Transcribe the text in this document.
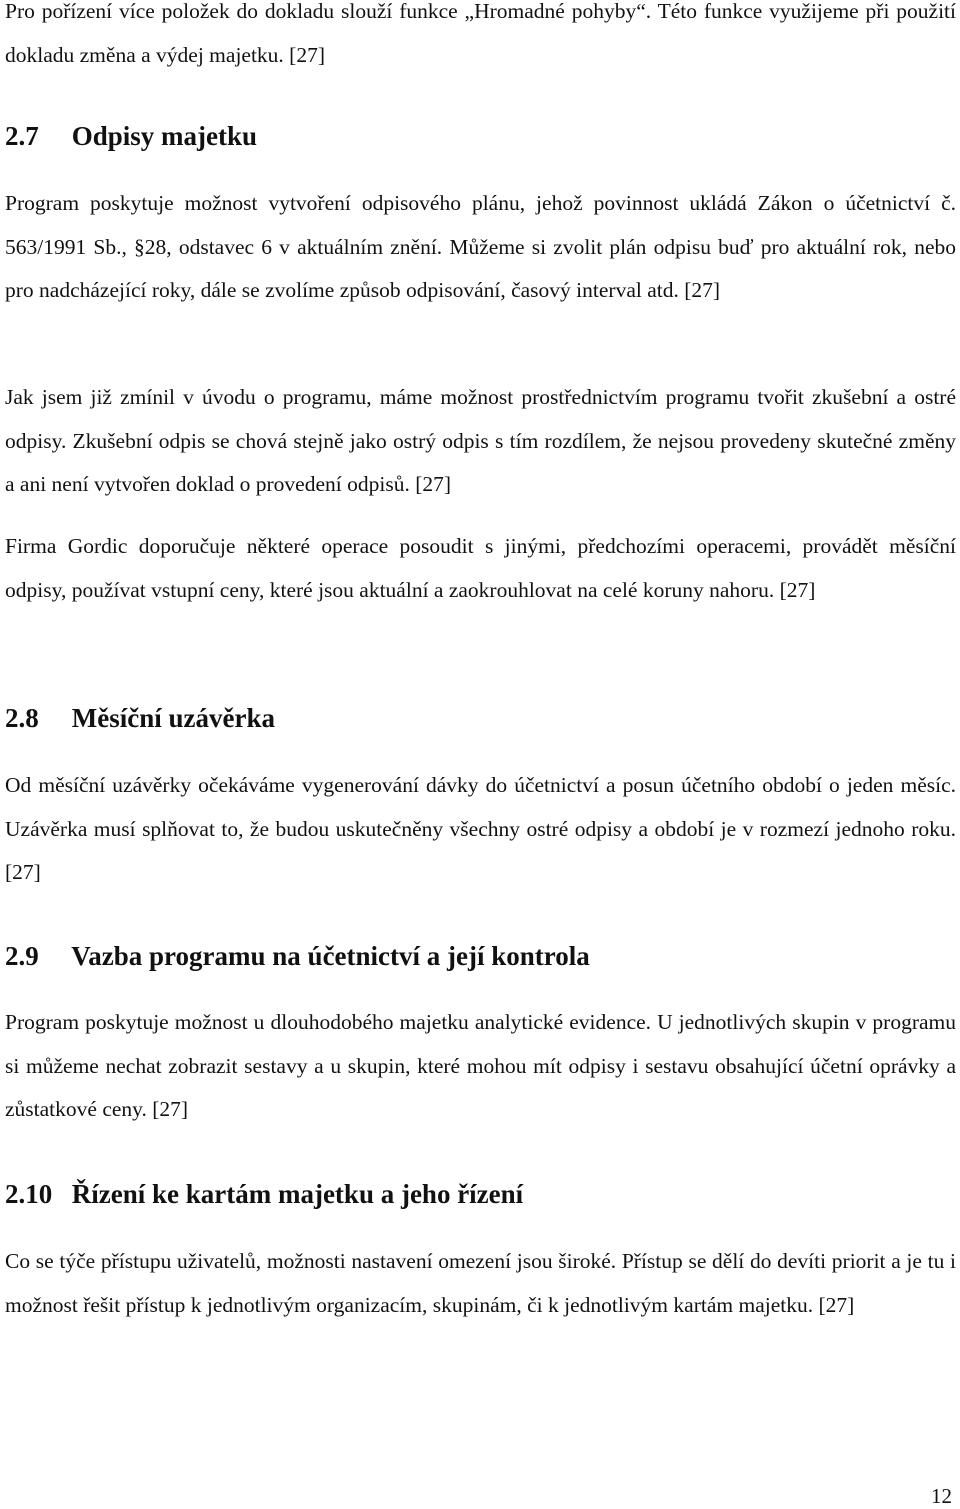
Pro pořízení více položek do dokladu slouží funkce „Hromadné pohyby“. Této funkce využijeme při použití dokladu změna a výdej majetku. [27]

2.7 Odpisy majetku

Program poskytuje možnost vytvoření odpisového plánu, jehož povinnost ukládá Zákon o účetnictví č. 563/1991 Sb., §28, odstavec 6 v aktuálním znění. Můžeme si zvolit plán odpisu buď pro aktuální rok, nebo pro nadcházející roky, dále se zvolíme způsob odpisování, časový interval atd. [27]

Jak jsem již zmínil v úvodu o programu, máme možnost prostřednictvím programu tvořit zkušební a ostré odpisy. Zkušební odpis se chová stejně jako ostrý odpis s tím rozdílem, že nejsou provedeny skutečné změny a ani není vytvořen doklad o provedení odpisů. [27]

Firma Gordic doporučuje některé operace posoudit s jinými, předchozími operacemi, provádět měsíční odpisy, používat vstupní ceny, které jsou aktuální a zaokrouhlovat na celé koruny nahoru. [27]

2.8 Měsíční uzávěrka

Od měsíční uzávěrky očekáváme vygenerování dávky do účetnictví a posun účetního období o jeden měsíc. Uzávěrka musí splňovat to, že budou uskutečněny všechny ostré odpisy a období je v rozmezí jednoho roku. [27]

2.9 Vazba programu na účetnictví a její kontrola

Program poskytuje možnost u dlouhodobého majetku analytické evidence. U jednotlivých skupin v programu si můžeme nechat zobrazit sestavy a u skupin, které mohou mít odpisy i sestavu obsahující účetní oprávky a zůstatkové ceny. [27]

2.10 Řízení ke kartám majetku a jeho řízení

Co se týče přístupu uživatelů, možnosti nastavení omezení jsou široké. Přístup se dělí do devíti priorit a je tu i možnost řešit přístup k jednotlivým organizacím, skupinám, či k jednotlivým kartám majetku. [27]

12
